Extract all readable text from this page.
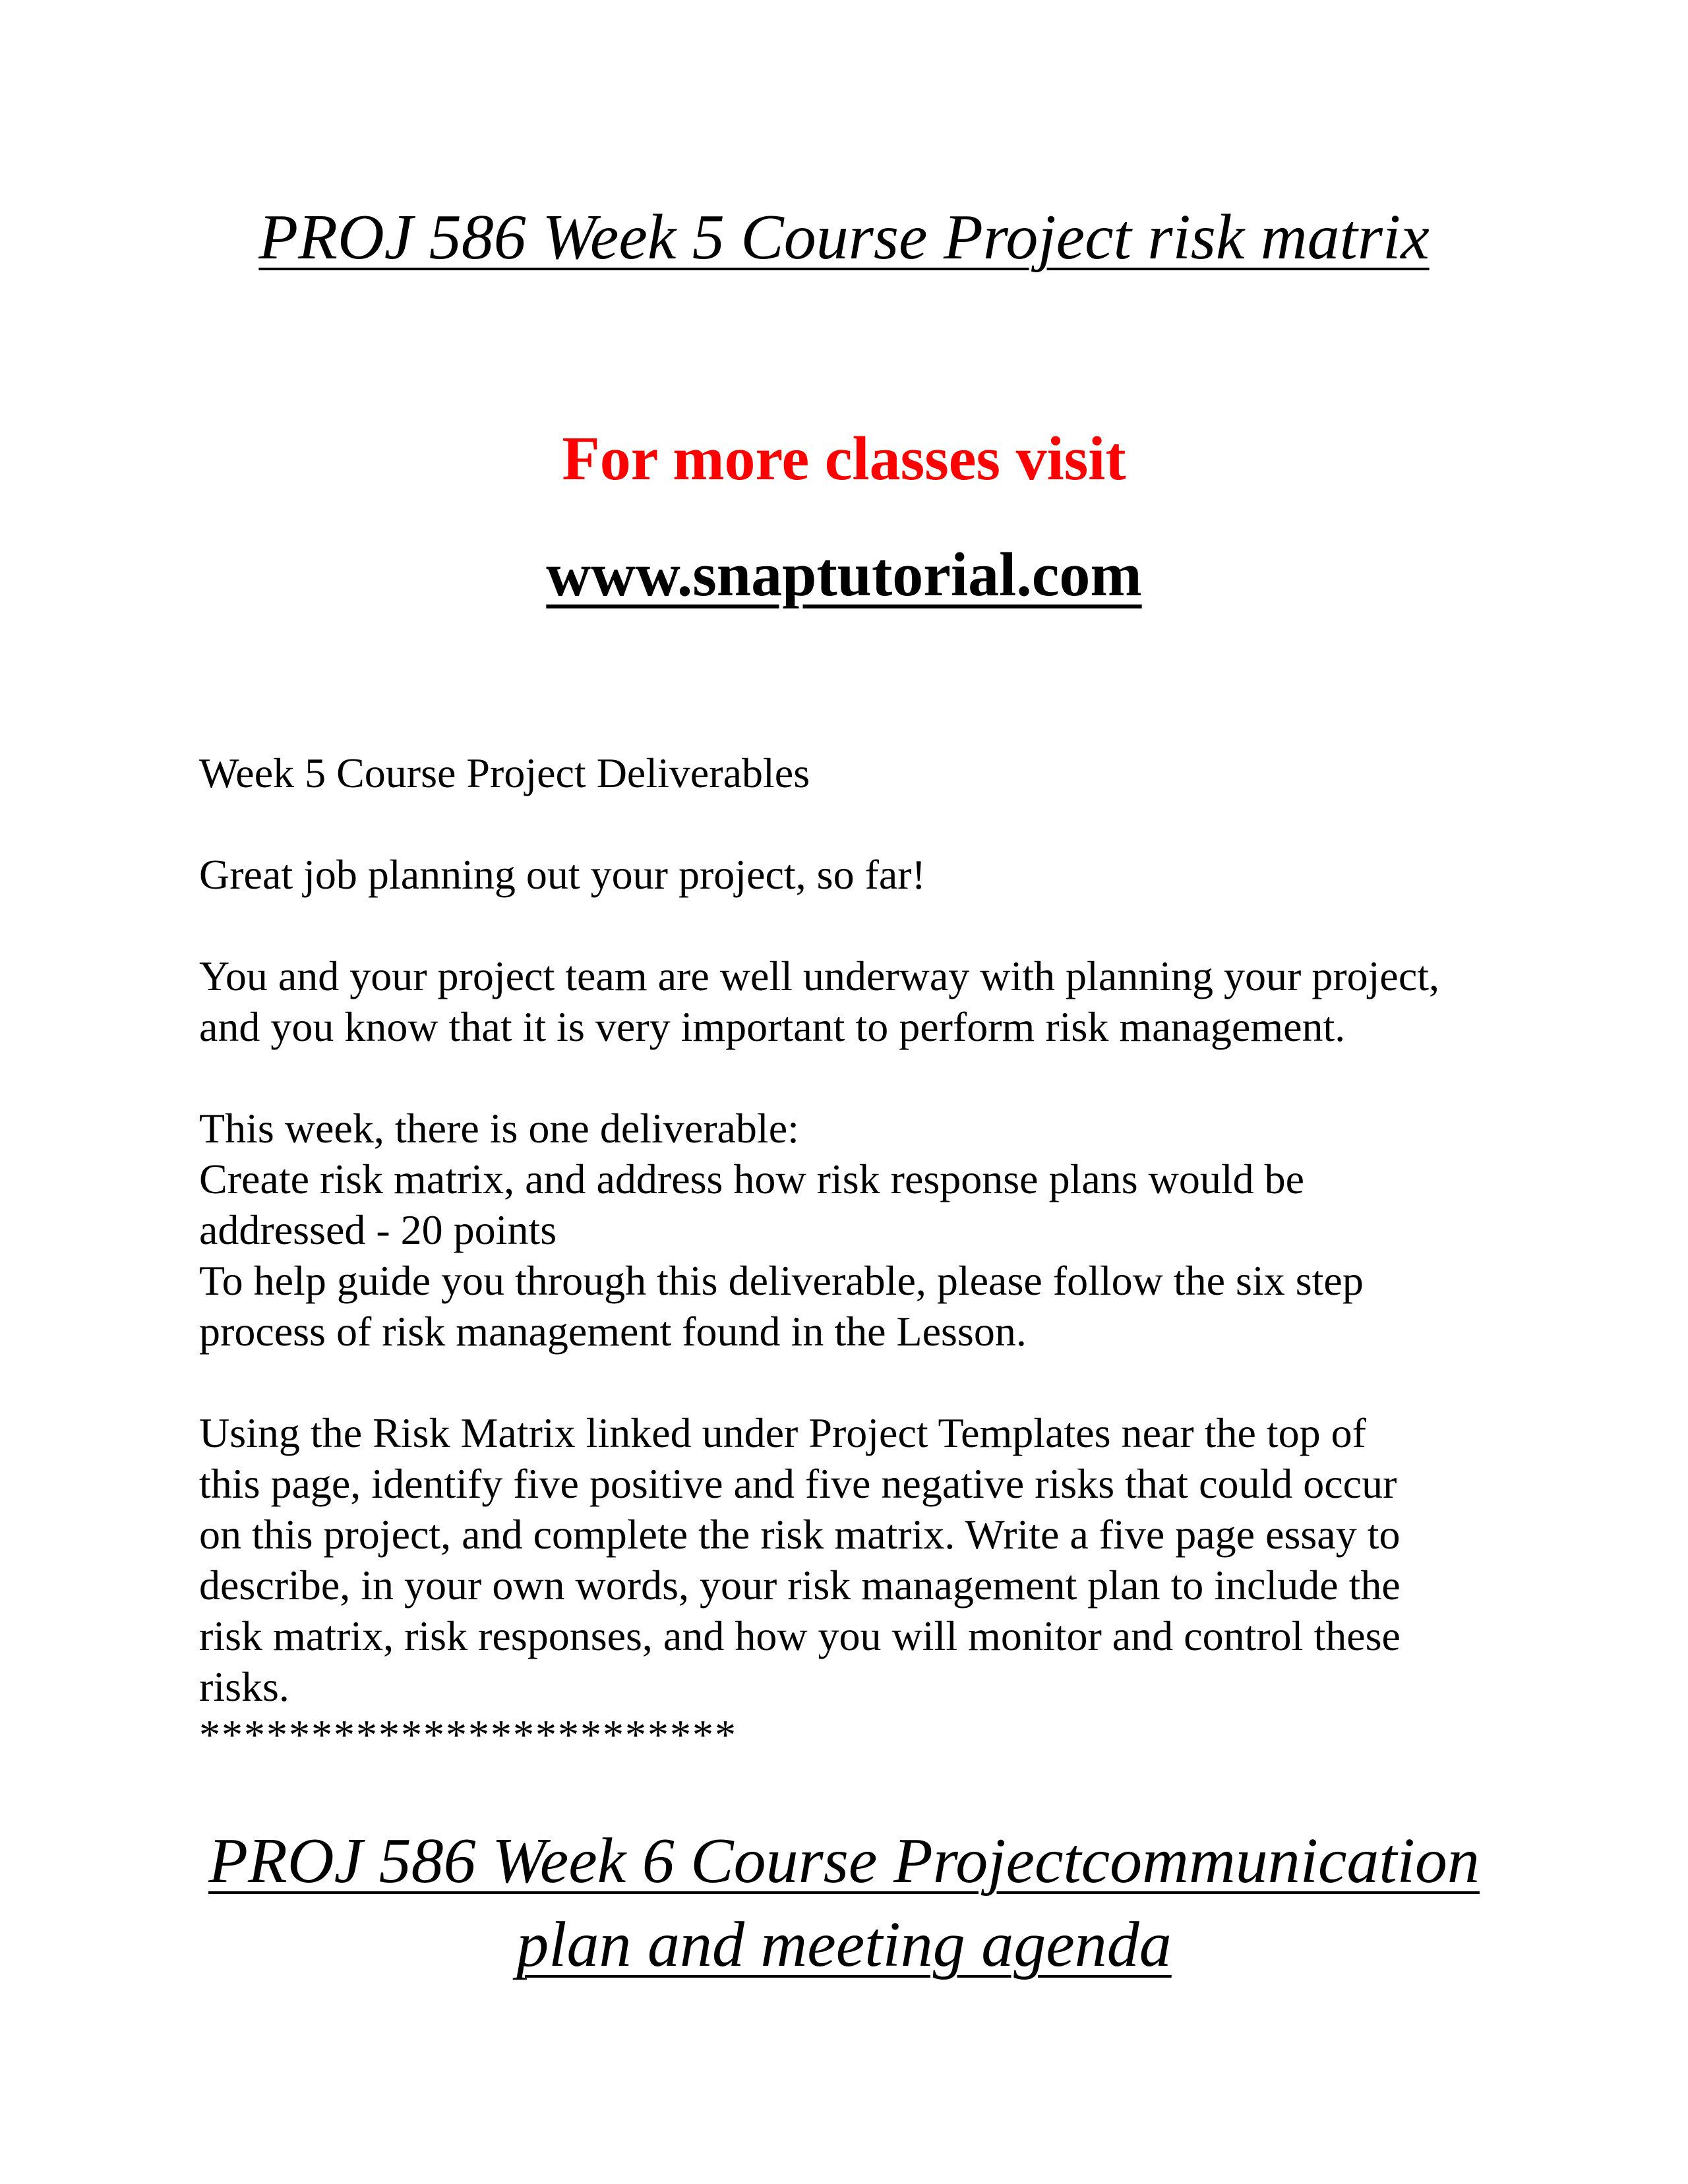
PROJ 586 Week 5 Course Project risk matrix
For more classes visit
www.snaptutorial.com

Week 5 Course Project Deliverables

Great job planning out your project, so far!

You and your project team are well underway with planning your project,

and you know that it is very important to perform risk management.

This week, there is one deliverable:

Create risk matrix, and address how risk response plans would be

addressed - 20 points

To help guide you through this deliverable, please follow the six step

process of risk management found in the Lesson.

Using the Risk Matrix linked under Project Templates near the top of

this page, identify five positive and five negative risks that could occur

on this project, and complete the risk matrix. Write a five page essay to

describe, in your own words, your risk management plan to include the

risk matrix, risk responses, and how you will monitor and control these

risks.

************************
PROJ 586 Week 6 Course Projectcommunication
plan and meeting agenda
